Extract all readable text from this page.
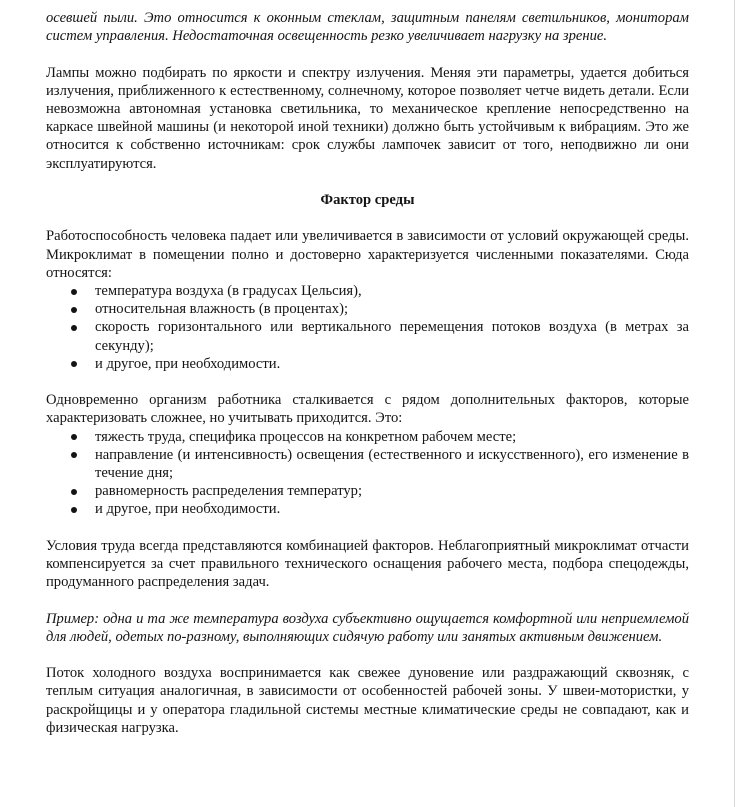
осевшей пыли. Это относится к оконным стеклам, защитным панелям светильников, мониторам систем управления. Недостаточная освещенность резко увеличивает нагрузку на зрение.

Лампы можно подбирать по яркости и спектру излучения. Меняя эти параметры, удается добиться излучения, приближенного к естественному, солнечному, которое позволяет четче видеть детали. Если невозможна автономная установка светильника, то механическое крепление непосредственно на каркасе швейной машины (и некоторой иной техники) должно быть устойчивым к вибрациям. Это же относится к собственно источникам: срок службы лампочек зависит от того, неподвижно ли они эксплуатируются.

Фактор среды

Работоспособность человека падает или увеличивается в зависимости от условий окружающей среды. Микроклимат в помещении полно и достоверно характеризуется численными показателями. Сюда относятся:

температура воздуха (в градусах Цельсия),
относительная влажность (в процентах);
скорость горизонтального или вертикального перемещения потоков воздуха (в метрах за секунду);
и другое, при необходимости.

Одновременно организм работника сталкивается с рядом дополнительных факторов, которые характеризовать сложнее, но учитывать приходится. Это:

тяжесть труда, специфика процессов на конкретном рабочем месте;
направление (и интенсивность) освещения (естественного и искусственного), его изменение в течение дня;
равномерность распределения температур;
и другое, при необходимости.

Условия труда всегда представляются комбинацией факторов. Неблагоприятный микроклимат отчасти компенсируется за счет правильного технического оснащения рабочего места, подбора спецодежды, продуманного распределения задач.

Пример: одна и та же температура воздуха субъективно ощущается комфортной или неприемлемой для людей, одетых по-разному, выполняющих сидячую работу или занятых активным движением.

Поток холодного воздуха воспринимается как свежее дуновение или раздражающий сквозняк, с теплым ситуация аналогичная, в зависимости от особенностей рабочей зоны. У швеи-мотористки, у раскройщицы и у оператора гладильной системы местные климатические среды не совпадают, как и физическая нагрузка.
